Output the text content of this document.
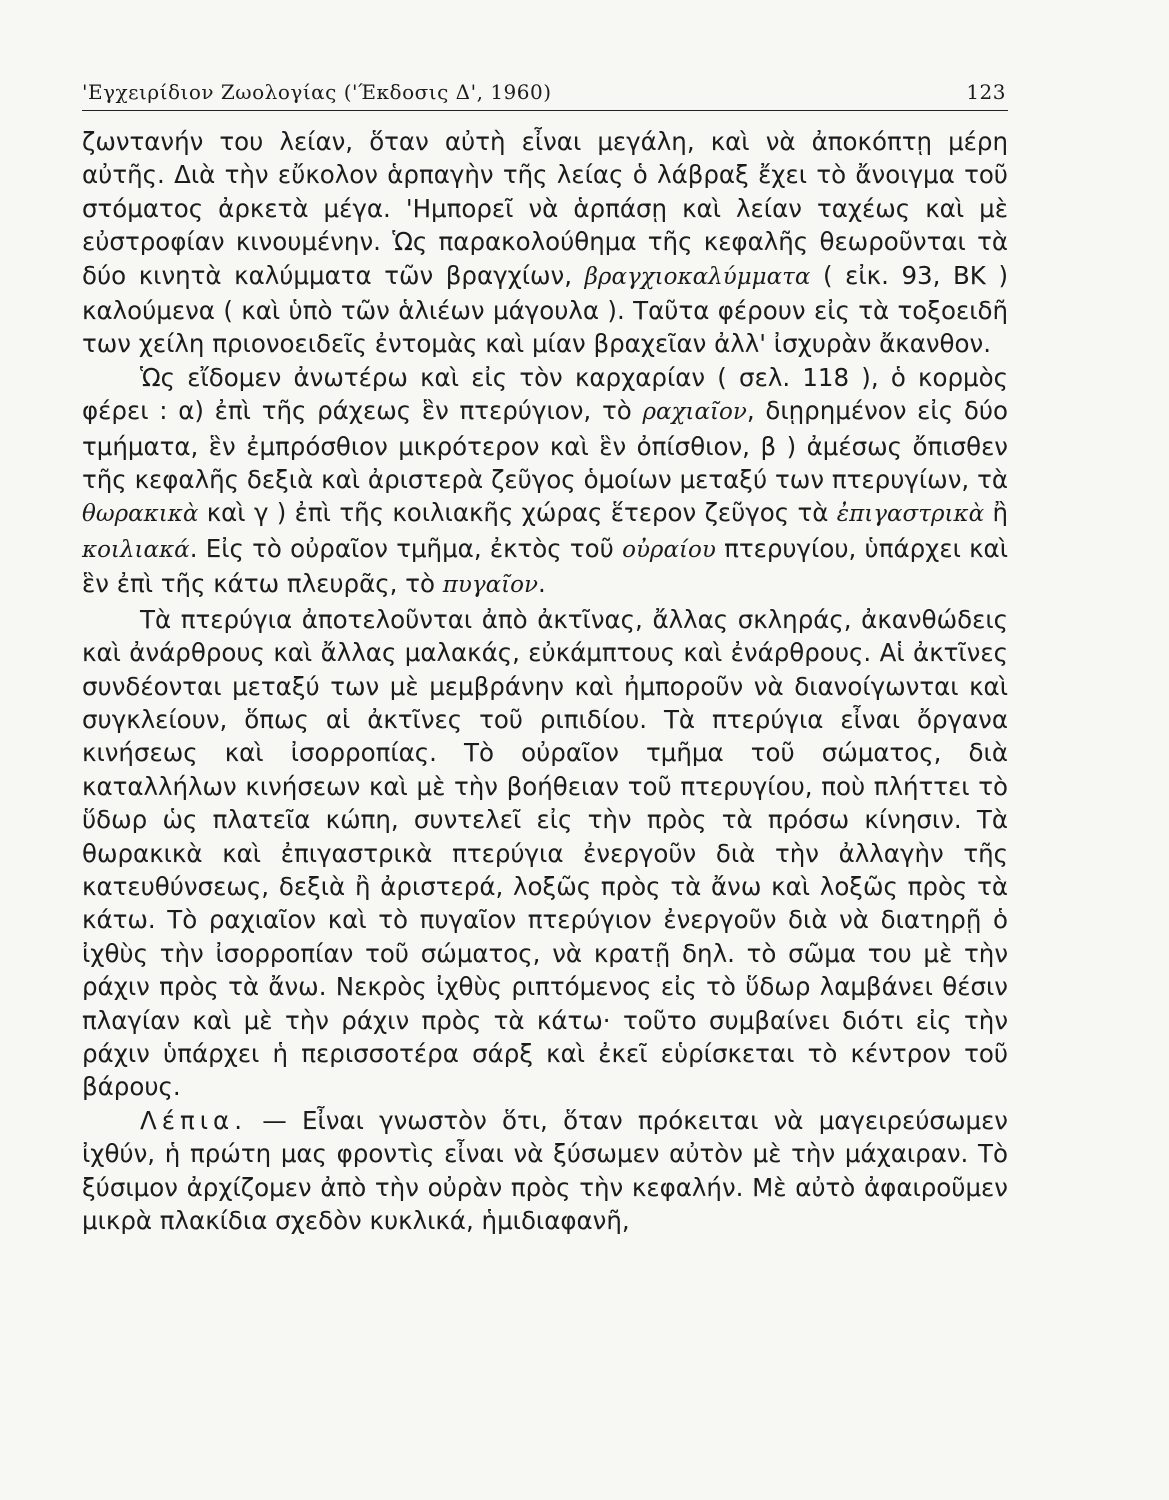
'Εγχειρίδιον Ζωολογίας ('Έκδοσις Δ', 1960)	123

ζωντανήν του λείαν, ὅταν αὐτὴ εἶναι μεγάλη, καὶ νὰ ἀποκόπτῃ μέρη αὐτῆς. Διὰ τὴν εὔκολον ἁρπαγὴν τῆς λείας ὁ λάβραξ ἔχει τὸ ἄνοιγμα τοῦ στόματος ἀρκετὰ μέγα. 'Ημπορεῖ νὰ ἁρπάσῃ καὶ λείαν ταχέως καὶ μὲ εὐστροφίαν κινουμένην. Ὡς παρακολούθημα τῆς κεφαλῆς θεωροῦνται τὰ δύο κινητὰ καλύμματα τῶν βραγχίων, βραγχιοκαλύμματα ( εἰκ. 93, ΒΚ ) καλούμενα ( καὶ ὑπὸ τῶν ἁλιέων μάγουλα ). Ταῦτα φέρουν εἰς τὰ τοξοειδῆ των χείλη πριονοειδεῖς ἐντομὰς καὶ μίαν βραχεῖαν ἀλλ' ἰσχυρὰν ἄκανθον.

Ὡς εἴδομεν ἀνωτέρω καὶ εἰς τὸν καρχαρίαν ( σελ. 118 ), ὁ κορμὸς φέρει : α) ἐπὶ τῆς ράχεως ἓν πτερύγιον, τὸ ραχιαῖον, διῃρημένον εἰς δύο τμήματα, ἓν ἐμπρόσθιον μικρότερον καὶ ἓν ὀπίσθιον, β ) ἀμέσως ὄπισθεν τῆς κεφαλῆς δεξιὰ καὶ ἀριστερὰ ζεῦγος ὁμοίων μεταξύ των πτερυγίων, τὰ θωρακικὰ καὶ γ ) ἐπὶ τῆς κοιλιακῆς χώρας ἕτερον ζεῦγος τὰ ἐπιγαστρικὰ ἢ κοιλιακά. Εἰς τὸ οὐραῖον τμῆμα, ἐκτὸς τοῦ οὐραίου πτερυγίου, ὑπάρχει καὶ ἓν ἐπὶ τῆς κάτω πλευρᾶς, τὸ πυγαῖον.

Τὰ πτερύγια ἀποτελοῦνται ἀπὸ ἀκτῖνας, ἄλλας σκληράς, ἀκανθώδεις καὶ ἀνάρθρους καὶ ἄλλας μαλακάς, εὐκάμπτους καὶ ἐνάρθρους. Αἱ ἀκτῖνες συνδέονται μεταξύ των μὲ μεμβράνην καὶ ἠμποροῦν νὰ διανοίγωνται καὶ συγκλείουν, ὅπως αἱ ἀκτῖνες τοῦ ριπιδίου. Τὰ πτερύγια εἶναι ὄργανα κινήσεως καὶ ἰσορροπίας. Τὸ οὐραῖον τμῆμα τοῦ σώματος, διὰ καταλλήλων κινήσεων καὶ μὲ τὴν βοήθειαν τοῦ πτερυγίου, ποὺ πλήττει τὸ ὕδωρ ὡς πλατεῖα κώπη, συντελεῖ εἰς τὴν πρὸς τὰ πρόσω κίνησιν. Τὰ θωρακικὰ καὶ ἐπιγαστρικὰ πτερύγια ἐνεργοῦν διὰ τὴν ἀλλαγὴν τῆς κατευθύνσεως, δεξιὰ ἢ ἀριστερά, λοξῶς πρὸς τὰ ἄνω καὶ λοξῶς πρὸς τὰ κάτω. Τὸ ραχιαῖον καὶ τὸ πυγαῖον πτερύγιον ἐνεργοῦν διὰ νὰ διατηρῇ ὁ ἰχθὺς τὴν ἰσορροπίαν τοῦ σώματος, νὰ κρατῇ δηλ. τὸ σῶμα του μὲ τὴν ράχιν πρὸς τὰ ἄνω. Νεκρὸς ἰχθὺς ριπτόμενος εἰς τὸ ὕδωρ λαμβάνει θέσιν πλαγίαν καὶ μὲ τὴν ράχιν πρὸς τὰ κάτω· τοῦτο συμβαίνει διότι εἰς τὴν ράχιν ὑπάρχει ἡ περισσοτέρα σάρξ καὶ ἐκεῖ εὑρίσκεται τὸ κέντρον τοῦ βάρους.

Λέπια. — Εἶναι γνωστὸν ὅτι, ὅταν πρόκειται νὰ μαγειρεύσωμεν ἰχθύν, ἡ πρώτη μας φροντὶς εἶναι νὰ ξύσωμεν αὐτὸν μὲ τὴν μάχαιραν. Τὸ ξύσιμον ἀρχίζομεν ἀπὸ τὴν οὐρὰν πρὸς τὴν κεφαλήν. Μὲ αὐτὸ ἀφαιροῦμεν μικρὰ πλακίδια σχεδὸν κυκλικά, ἡμιδιαφανῆ,
